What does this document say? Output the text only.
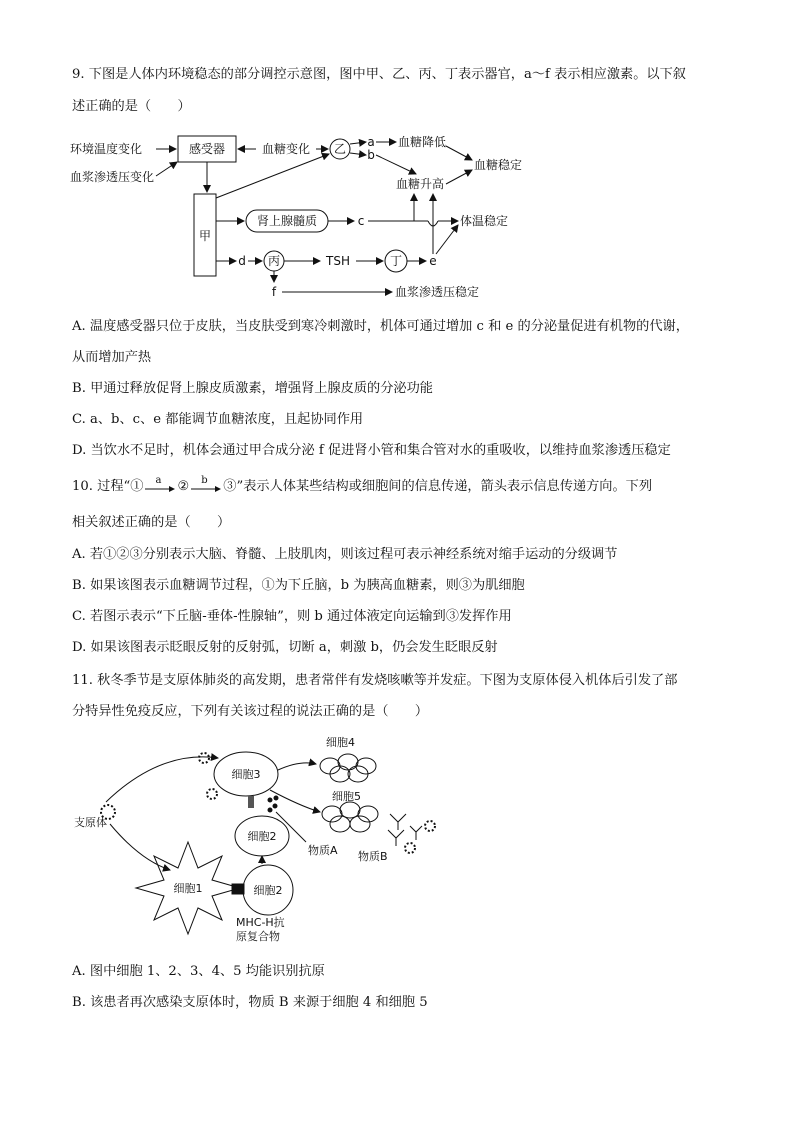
9. 下图是人体内环境稳态的部分调控示意图，图中甲、乙、丙、丁表示器官，a～f 表示相应激素。以下叙
述正确的是（　　）
环境温度变化
血浆渗透压变化
感受器	血糖变化 乙 a
b
血糖降低
血糖稳定
血糖升高
甲
肾上腺髓质	c	体温稳定
d 丙	TSH	丁 e
f	血浆渗透压稳定
A. 温度感受器只位于皮肤，当皮肤受到寒冷刺激时，机体可通过增加 c 和 e 的分泌量促进有机物的代谢，
从而增加产热
B. 甲通过释放促肾上腺皮质激素，增强肾上腺皮质的分泌功能
C. a、b、c、e 都能调节血糖浓度，且起协同作用
D. 当饮水不足时，机体会通过甲合成分泌 f 促进肾小管和集合管对水的重吸收，以维持血浆渗透压稳定
10. 过程“① a ② b ③”表示人体某些结构或细胞间的信息传递，箭头表示信息传递方向。下列
相关叙述正确的是（　　）
A. 若①②③分别表示大脑、脊髓、上肢肌肉，则该过程可表示神经系统对缩手运动的分级调节
B. 如果该图表示血糖调节过程，①为下丘脑，b 为胰高血糖素，则③为肌细胞
C. 若图示表示“下丘脑-垂体-性腺轴”，则 b 通过体液定向运输到③发挥作用
D. 如果该图表示眨眼反射的反射弧，切断 a，刺激 b，仍会发生眨眼反射
11. 秋冬季节是支原体肺炎的高发期，患者常伴有发烧咳嗽等并发症。下图为支原体侵入机体后引发了部
分特异性免疫反应，下列有关该过程的说法正确的是（　　）
支原体
细胞1	细胞2
细胞2
细胞3
细胞4
细胞5
物质A 物质B
MHC-H抗
原复合物
A. 图中细胞 1、2、3、4、5 均能识别抗原
B. 该患者再次感染支原体时，物质 B 来源于细胞 4 和细胞 5
